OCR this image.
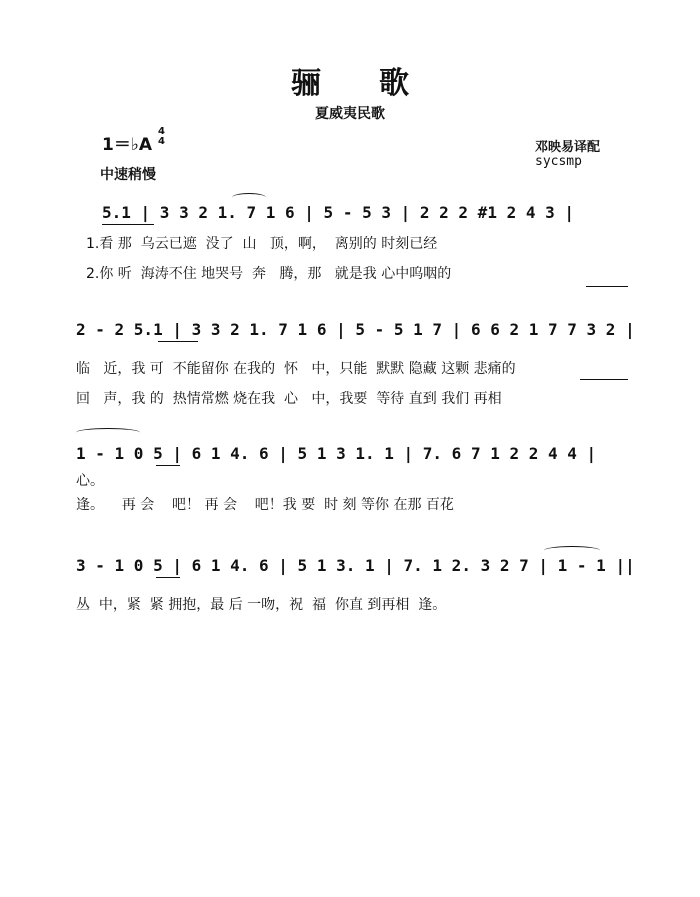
骊歌
夏威夷民歌
1＝♭A
4
4
中速稍慢
邓映易译配
sycsmp
5.1 | 3 3 2 1. 7 1 6 | 5 - 5 3 | 2 2 2 #1 2 4 3 |
1.看 那  乌云已遮  没了  山   顶，啊，  离别的 时刻已经
2.你 听  海涛不住 地哭号  奔   腾，那   就是我 心中呜咽的
2 - 2 5.1 | 3 3 2 1. 7 1 6 | 5 - 5 1 7 | 6 6 2 1 7 7 3 2 |
临   近，我 可  不能留你 在我的  怀   中，只能  默默 隐藏 这颗 悲痛的
回   声，我 的  热情常燃 烧在我  心   中，我要  等待 直到 我们 再相
1 - 1 0 5 | 6 1 4. 6 | 5 1 3 1. 1 | 7. 6 7 1 2 2 4 4 |
心。
逢。    再 会    吧！ 再 会    吧！我 要  时 刻 等你 在那 百花
3 - 1 0 5 | 6 1 4. 6 | 5 1 3. 1 | 7. 1 2. 3 2 7 | 1 - 1 ||
丛  中，紧  紧 拥抱，最 后 一吻，祝  福  你直 到再相  逢。
